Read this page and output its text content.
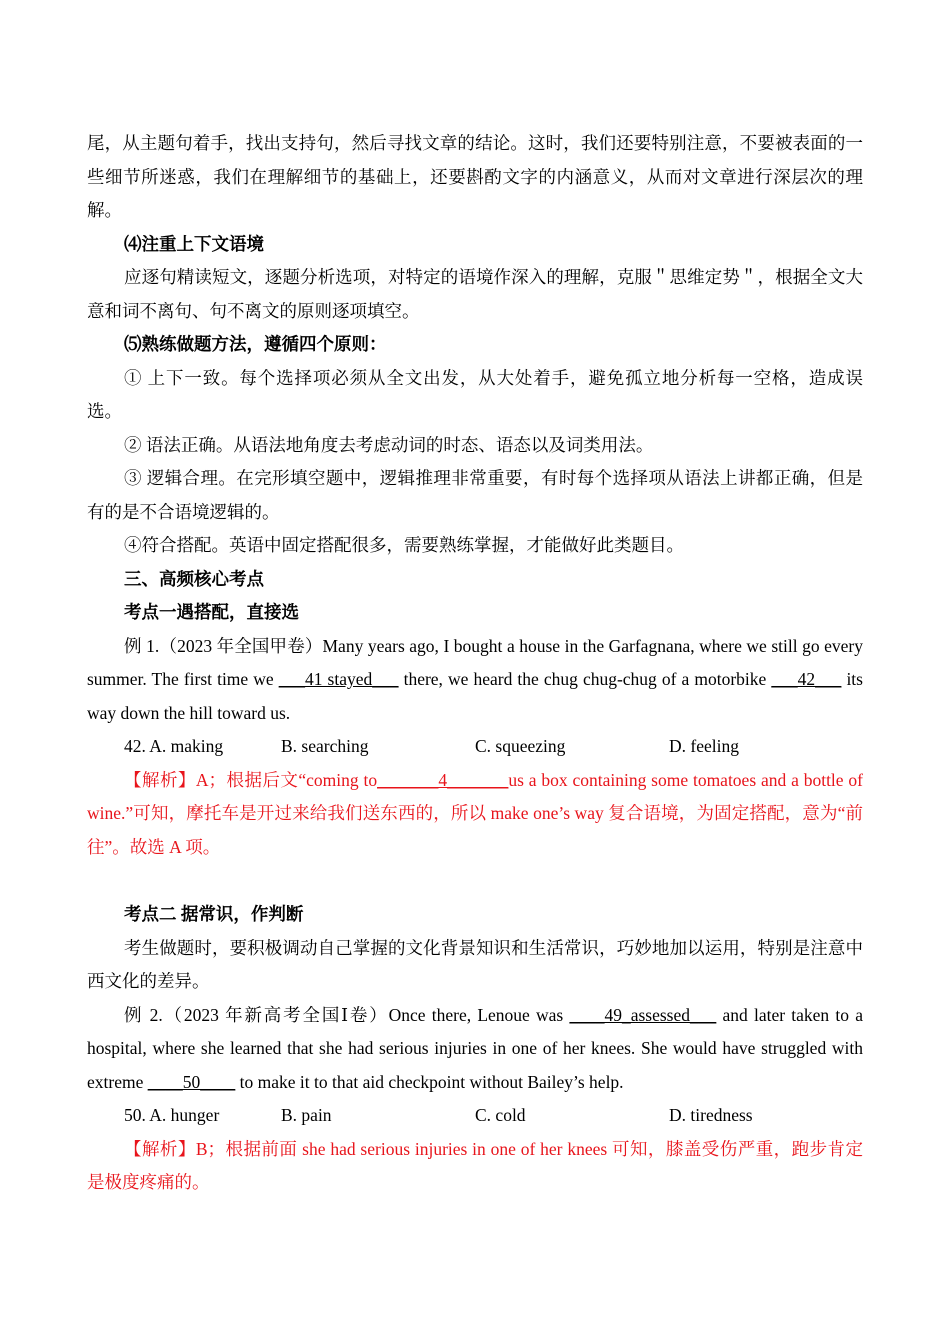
尾，从主题句着手，找出支持句，然后寻找文章的结论。这时，我们还要特别注意，不要被表面的一些细节所迷惑，我们在理解细节的基础上，还要斟酌文字的内涵意义，从而对文章进行深层次的理解。

⑷注重上下文语境

应逐句精读短文，逐题分析选项，对特定的语境作深入的理解，克服＂思维定势＂，根据全文大意和词不离句、句不离文的原则逐项填空。

⑸熟练做题方法，遵循四个原则：

① 上下一致。每个选择项必须从全文出发，从大处着手，避免孤立地分析每一空格，造成误选。

② 语法正确。从语法地角度去考虑动词的时态、语态以及词类用法。

③ 逻辑合理。在完形填空题中，逻辑推理非常重要，有时每个选择项从语法上讲都正确，但是有的是不合语境逻辑的。

④符合搭配。英语中固定搭配很多，需要熟练掌握，才能做好此类题目。

三、高频核心考点

考点一遇搭配，直接选

例 1.（2023 年全国甲卷）Many years ago, I bought a house in the Garfagnana, where we still go every summer. The first time we ___41 stayed___ there, we heard the chug chug-chug of a motorbike ___42___ its way down the hill toward us.

42. A. making	B. searching	C. squeezing	D. feeling

【解析】A；根据后文“coming to_______4_______us a box containing some tomatoes and a bottle of wine.”可知，摩托车是开过来给我们送东西的，所以 make one’s way 复合语境，为固定搭配，意为“前往”。故选 A 项。

考点二 据常识，作判断

考生做题时，要积极调动自己掌握的文化背景知识和生活常识，巧妙地加以运用，特别是注意中西文化的差异。

例 2.（2023 年新高考全国Ⅰ卷）Once there, Lenoue was ____49_assessed___ and later taken to a hospital, where she learned that she had serious injuries in one of her knees. She would have struggled with extreme ____50____ to make it to that aid checkpoint without Bailey’s help.

50. A. hunger	B. pain	C. cold	D. tiredness

【解析】B；根据前面 she had serious injuries in one of her knees 可知，膝盖受伤严重，跑步肯定是极度疼痛的。
